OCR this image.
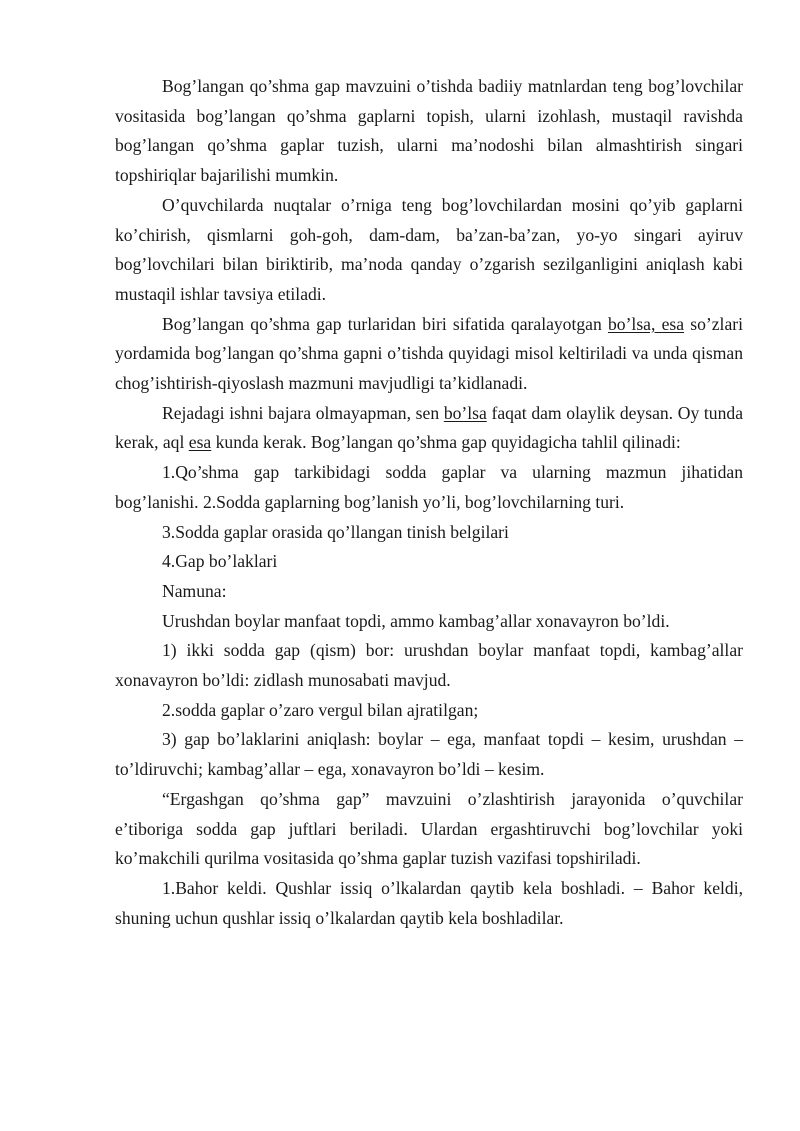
Bog’langan qo’shma gap mavzuini o’tishda badiiy matnlardan teng bog’lovchilar vositasida bog’langan qo’shma gaplarni topish, ularni izohlash, mustaqil ravishda bog’langan qo’shma gaplar tuzish, ularni ma’nodoshi bilan almashtirish singari topshiriqlar bajarilishi mumkin.

O’quvchilarda nuqtalar o’rniga teng bog’lovchilardan mosini qo’yib gaplarni ko’chirish, qismlarni goh-goh, dam-dam, ba’zan-ba’zan, yo-yo singari ayiruv bog’lovchilari bilan biriktirib, ma’noda qanday o’zgarish sezilganligini aniqlash kabi mustaqil ishlar tavsiya etiladi.

Bog’langan qo’shma gap turlaridan biri sifatida qaralayotgan bo’lsa, esa so’zlari yordamida bog’langan qo’shma gapni o’tishda quyidagi misol keltiriladi va unda qisman chog’ishtirish-qiyoslash mazmuni mavjudligi ta’kidlanadi.

Rejadagi ishni bajara olmayapman, sen bo’lsa faqat dam olaylik deysan. Oy tunda kerak, aql esa kunda kerak. Bog’langan qo’shma gap quyidagicha tahlil qilinadi:

1.Qo’shma gap tarkibidagi sodda gaplar va ularning mazmun jihatidan bog’lanishi. 2.Sodda gaplarning bog’lanish yo’li, bog’lovchilarning turi.

3.Sodda gaplar orasida qo’llangan tinish belgilari

4.Gap bo’laklari

Namuna:

Urushdan boylar manfaat topdi, ammo kambag’allar xonavayron bo’ldi.

1) ikki sodda gap (qism) bor: urushdan boylar manfaat topdi, kambag’allar xonavayron bo’ldi: zidlash munosabati mavjud.

2.sodda gaplar o’zaro vergul bilan ajratilgan;

3) gap bo’laklarini aniqlash: boylar – ega, manfaat topdi – kesim, urushdan – to’ldiruvchi; kambag’allar – ega, xonavayron bo’ldi – kesim.

“Ergashgan qo’shma gap” mavzuini o’zlashtirish jarayonida o’quvchilar e’tiboriga sodda gap juftlari beriladi. Ulardan ergashtiruvchi bog’lovchilar yoki ko’makchili qurilma vositasida qo’shma gaplar tuzish vazifasi topshiriladi.

1.Bahor keldi. Qushlar issiq o’lkalardan qaytib kela boshladi. – Bahor keldi, shuning uchun qushlar issiq o’lkalardan qaytib kela boshladilar.
